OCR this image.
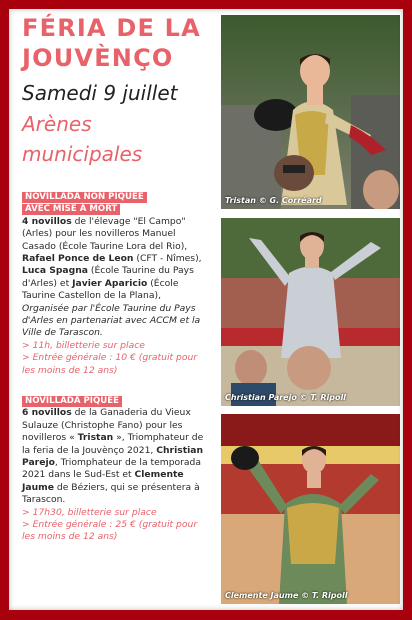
FÉRIA DE LA
JOUVÈNÇO
Samedi 9 juillet
Arènes
municipales
NOVILLADA NON PIQUÉE
AVEC MISE À MORT
4 novillos de l'élevage "El Campo" (Arles) pour les novilleros Manuel Casado (École Taurine Lora del Rio), Rafael Ponce de Leon (CFT - Nîmes), Luca Spagna (École Taurine du Pays d'Arles) et Javier Aparicio (École Taurine Castellon de la Plana), Organisée par l'École Taurine du Pays d'Arles en partenariat avec ACCM et la Ville de Tarascon.
> 11h, billetterie sur place
> Entrée générale : 10 € (gratuit pour les moins de 12 ans)
NOVILLADA PIQUÉE
6 novillos de la Ganaderia du Vieux Sulauze (Christophe Fano) pour les novilleros « Tristan », Triomphateur de la feria de la Jouvènço 2021, Christian Parejo, Triomphateur de la temporada 2021 dans le Sud-Est et Clemente Jaume de Béziers, qui se présentera à Tarascon.
> 17h30, billetterie sur place
> Entrée générale : 25 € (gratuit pour les moins de 12 ans)
Tristan © G. Corréard
Christian Parejo © T. Ripoll
Clemente Jaume © T. Ripoll
